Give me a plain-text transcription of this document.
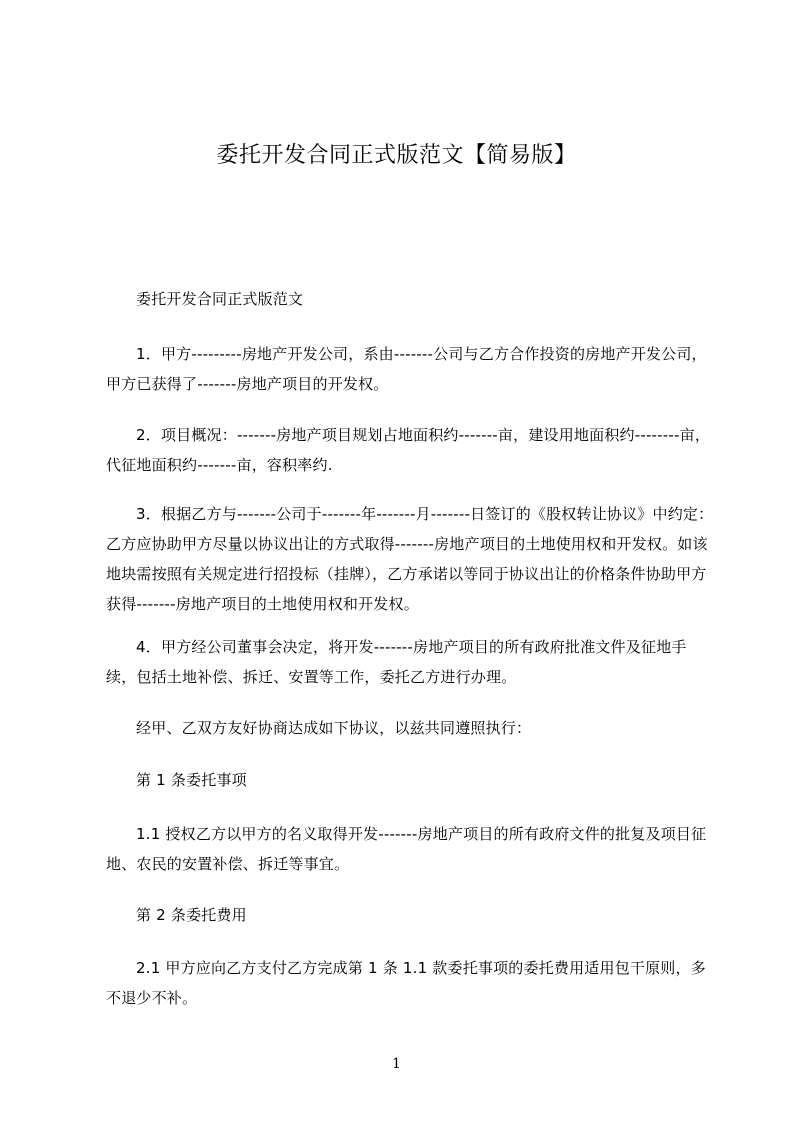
委托开发合同正式版范文【简易版】

委托开发合同正式版范文

1．甲方---------房地产开发公司，系由-------公司与乙方合作投资的房地产开发公司，甲方已获得了-------房地产项目的开发权。

2．项目概况：-------房地产项目规划占地面积约-------亩，建设用地面积约--------亩，代征地面积约-------亩，容积率约.

3．根据乙方与-------公司于-------年-------月-------日签订的《股权转让协议》中约定：乙方应协助甲方尽量以协议出让的方式取得-------房地产项目的土地使用权和开发权。如该地块需按照有关规定进行招投标（挂牌），乙方承诺以等同于协议出让的价格条件协助甲方获得-------房地产项目的土地使用权和开发权。

4．甲方经公司董事会决定，将开发-------房地产项目的所有政府批准文件及征地手续，包括土地补偿、拆迁、安置等工作，委托乙方进行办理。

经甲、乙双方友好协商达成如下协议，以兹共同遵照执行：

第 1 条委托事项

1.1 授权乙方以甲方的名义取得开发-------房地产项目的所有政府文件的批复及项目征地、农民的安置补偿、拆迁等事宜。

第 2 条委托费用

2.1 甲方应向乙方支付乙方完成第 1 条 1.1 款委托事项的委托费用适用包干原则，多不退少不补。

1
